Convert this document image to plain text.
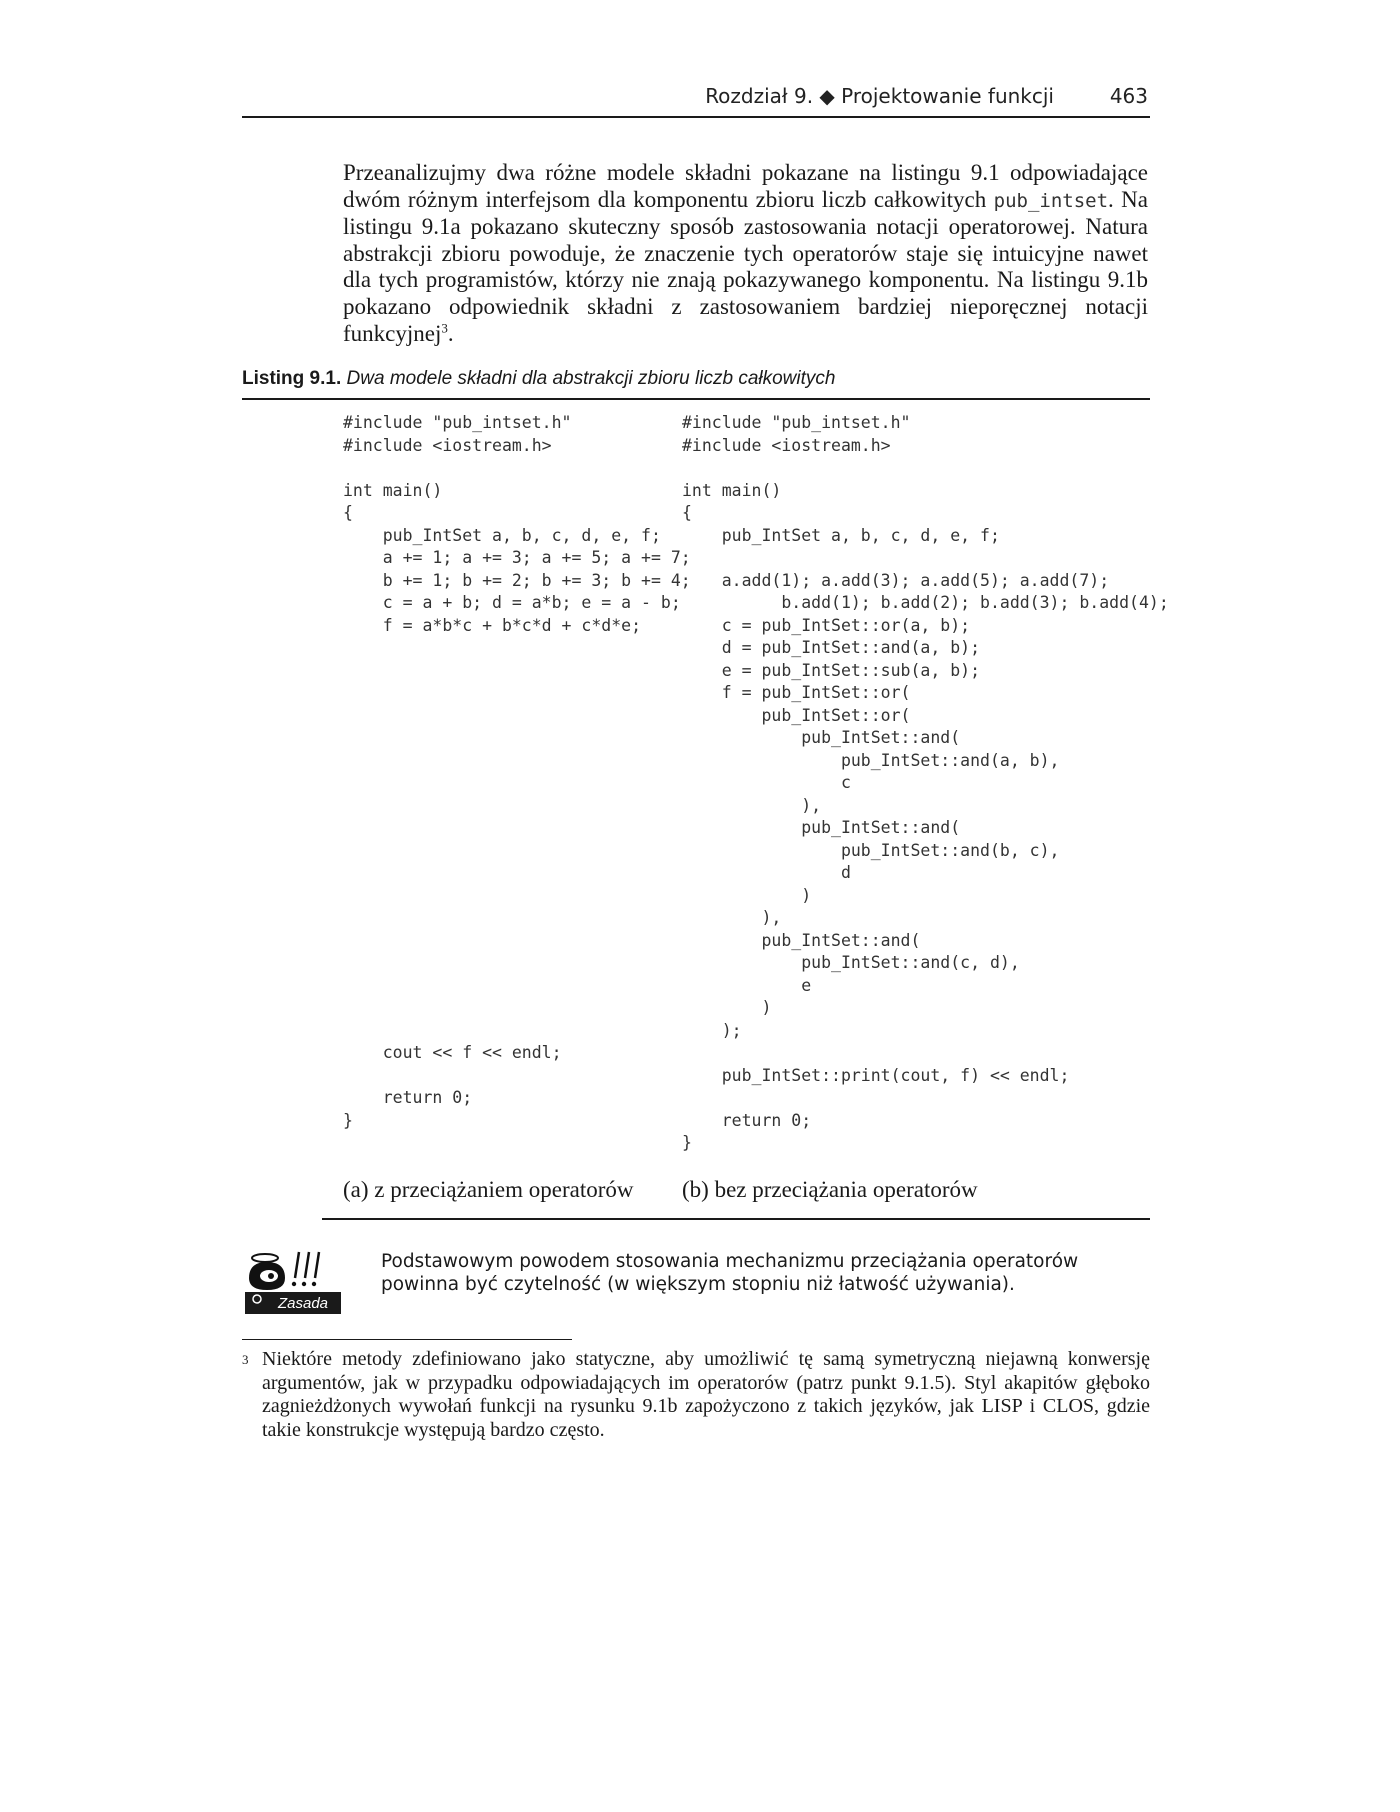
Rozdział 9. ◆ Projektowanie funkcji	463

Przeanalizujmy dwa różne modele składni pokazane na listingu 9.1 odpowiadające dwóm różnym interfejsom dla komponentu zbioru liczb całkowitych pub_intset. Na listingu 9.1a pokazano skuteczny sposób zastosowania notacji operatorowej. Natura abstrakcji zbioru powoduje, że znaczenie tych operatorów staje się intuicyjne nawet dla tych programistów, którzy nie znają pokazywanego komponentu. Na listingu 9.1b pokazano odpowiednik składni z zastosowaniem bardziej nieporęcznej notacji funkcyjnej$^3$.

Listing 9.1. Dwa modele składni dla abstrakcji zbioru liczb całkowitych
#include "pub_intset.h"
#include <iostream.h>

int main()
{
pub_IntSet a, b, c, d, e, f;
a += 1; a += 3; a += 5; a += 7;
b += 1; b += 2; b += 3; b += 4;
c = a + b; d = a*b; e = a - b;
f = a*b*c + b*c*d + c*d*e;

cout << f << endl;

return 0;
}
#include "pub_intset.h"
#include <iostream.h>

int main()
{
pub_IntSet a, b, c, d, e, f;

a.add(1); a.add(3); a.add(5); a.add(7);
b.add(1); b.add(2); b.add(3); b.add(4);
c = pub_IntSet::or(a, b);
d = pub_IntSet::and(a, b);
e = pub_IntSet::sub(a, b);
f = pub_IntSet::or(
pub_IntSet::or(
pub_IntSet::and(
pub_IntSet::and(a, b),
c
),
pub_IntSet::and(
pub_IntSet::and(b, c),
d
)
),
pub_IntSet::and(
pub_IntSet::and(c, d),
e
)
);

pub_IntSet::print(cout, f) << endl;

return 0;
}
(a) z przeciążaniem operatorów (b) bez przeciążania operatorów
Zasada

Podstawowym powodem stosowania mechanizmu przeciążania operatorów powinna być czytelność (w większym stopniu niż łatwość używania).

3 Niektóre metody zdefiniowano jako statyczne, aby umożliwić tę samą symetryczną niejawną konwersję argumentów, jak w przypadku odpowiadających im operatorów (patrz punkt 9.1.5). Styl akapitów głęboko zagnieżdżonych wywołań funkcji na rysunku 9.1b zapożyczono z takich języków, jak LISP i CLOS, gdzie takie konstrukcje występują bardzo często.
